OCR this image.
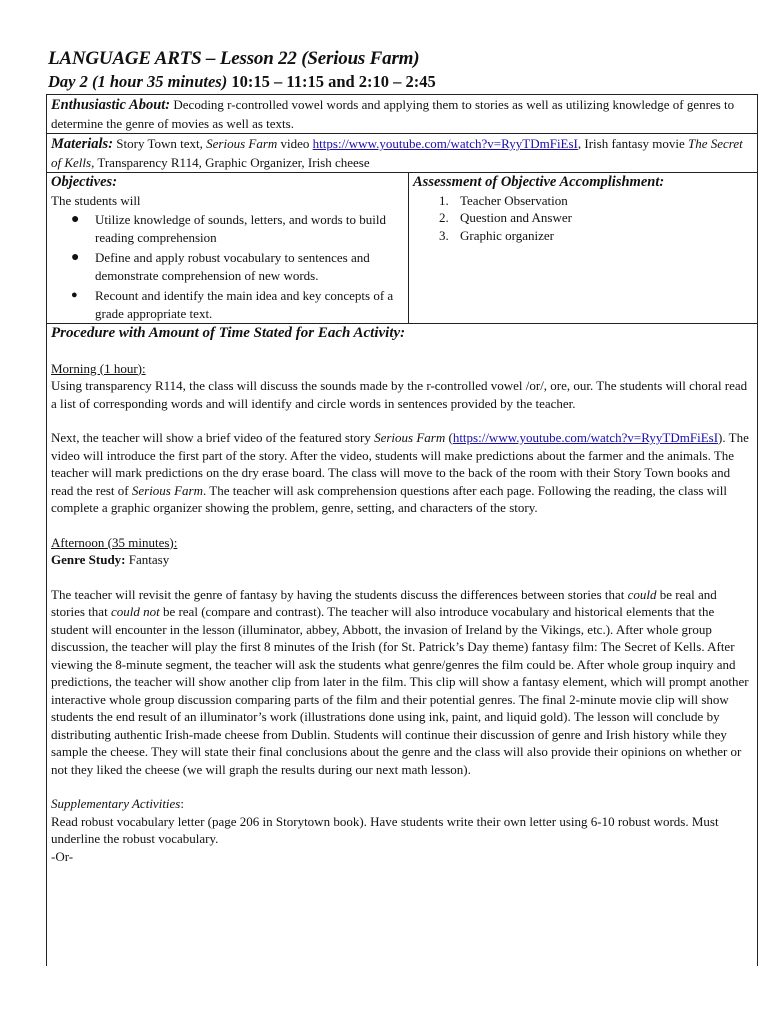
LANGUAGE ARTS – Lesson 22 (Serious Farm)
Day 2 (1 hour 35 minutes) 10:15 – 11:15 and 2:10 – 2:45
Enthusiastic About: Decoding r-controlled vowel words and applying them to stories as well as utilizing knowledge of genres to determine the genre of movies as well as texts.
Materials: Story Town text, Serious Farm video https://www.youtube.com/watch?v=RyyTDmFiEsI, Irish fantasy movie The Secret of Kells, Transparency R114, Graphic Organizer, Irish cheese

Objectives:
The students will
● Utilize knowledge of sounds, letters, and words to build reading comprehension
● Define and apply robust vocabulary to sentences and demonstrate comprehension of new words.
● Recount and identify the main idea and key concepts of a grade appropriate text.

Assessment of Objective Accomplishment:
1. Teacher Observation
2. Question and Answer
3. Graphic organizer

Procedure with Amount of Time Stated for Each Activity:

Morning (1 hour):

Using transparency R114, the class will discuss the sounds made by the r-controlled vowel /or/, ore, our. The students will choral read a list of corresponding words and will identify and circle words in sentences provided by the teacher.

Next, the teacher will show a brief video of the featured story Serious Farm (https://www.youtube.com/watch?v=RyyTDmFiEsI). The video will introduce the first part of the story. After the video, students will make predictions about the farmer and the animals. The teacher will mark predictions on the dry erase board. The class will move to the back of the room with their Story Town books and read the rest of Serious Farm. The teacher will ask comprehension questions after each page. Following the reading, the class will complete a graphic organizer showing the problem, genre, setting, and characters of the story.

Afternoon (35 minutes):

Genre Study: Fantasy

The teacher will revisit the genre of fantasy by having the students discuss the differences between stories that could be real and stories that could not be real (compare and contrast). The teacher will also introduce vocabulary and historical elements that the student will encounter in the lesson (illuminator, abbey, Abbott, the invasion of Ireland by the Vikings, etc.). After whole group discussion, the teacher will play the first 8 minutes of the Irish (for St. Patrick’s Day theme) fantasy film: The Secret of Kells. After viewing the 8-minute segment, the teacher will ask the students what genre/genres the film could be. After whole group inquiry and predictions, the teacher will show another clip from later in the film. This clip will show a fantasy element, which will prompt another interactive whole group discussion comparing parts of the film and their potential genres. The final 2-minute movie clip will show students the end result of an illuminator’s work (illustrations done using ink, paint, and liquid gold). The lesson will conclude by distributing authentic Irish-made cheese from Dublin. Students will continue their discussion of genre and Irish history while they sample the cheese. They will state their final conclusions about the genre and the class will also provide their opinions on whether or not they liked the cheese (we will graph the results during our next math lesson).

Supplementary Activities:

Read robust vocabulary letter (page 206 in Storytown book). Have students write their own letter using 6-10 robust words. Must underline the robust vocabulary.

-Or-
